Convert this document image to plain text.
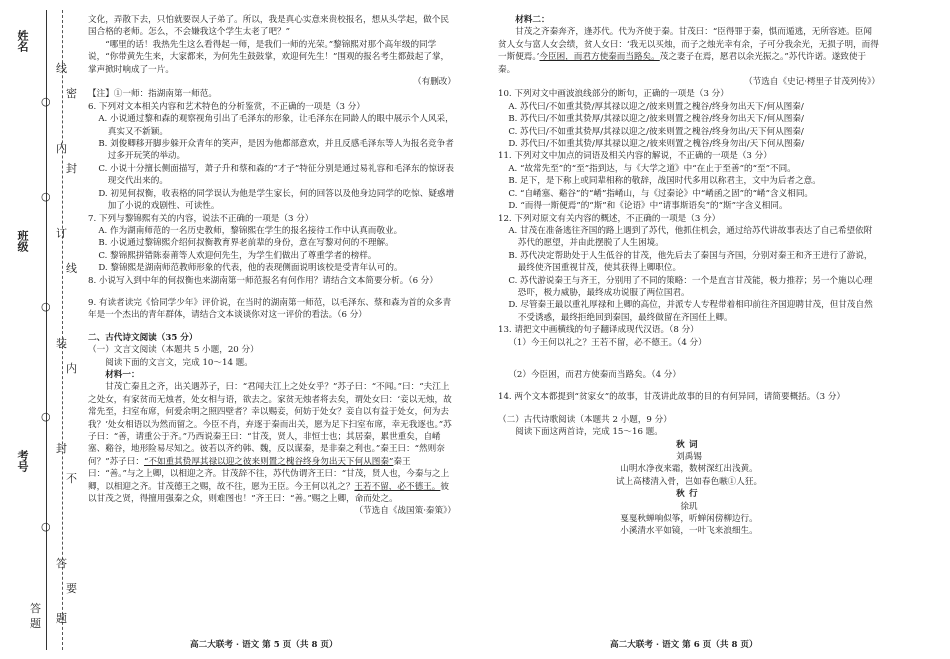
姓名
班级
考号
○
○
○
○
○
线
内
订
装
封
答
题
密
封
线
内
不
要
答
题

文化，弄散下去，只怕就要误人子弟了。所以，我是真心实意来贵校报名，想从头学起，做个民国合格的老师。怎么，不会嫌我这个学生太老了吧？”

“哪里的话！我热先生这么看得起一师，是我们一师的光荣。”黎锦熙对那个高年级的同学说，“你带黄先生来，大家都来，为何先生鼓鼓掌，欢迎何先生！”围观的报名考生都鼓起了掌，掌声掀时响成了一片。

（有删改）

【注】①一师：指湖南第一师范。

6. 下列对文本相关内容和艺术特色的分析鉴赏，不正确的一项是（3 分）

A. 小说通过黎和森的观察视角引出了毛泽东的形象，让毛泽东在同龄人的眼中展示个人风采，真实又不新颖。

B. 刘俊卿移开脚步躲开众青年的笑声，是因为他都部意欢，并且反感毛泽东等人为报名竞争者过多开玩笑的举动。

C. 小说十分擅长侧面描写，萧子升和蔡和森的“才子”特征分别是通过易礼容和毛泽东的惊讶表现交代出来的。

D. 初见何叔衡，收表格的同学误认为他是学生家长，何的回答以及他身边同学的吃惊、疑惑增加了小说的戏剧性、可读性。

7. 下列与黎锦熙有关的内容，说法不正确的一项是（3 分）

A. 作为湖南师范的一名历史教师，黎锦熙在学生的报名接待工作中认真而敬业。

B. 小说通过黎锦熙介绍何叔衡教育界老前辈的身份，意在写黎对何的不理解。

C. 黎锦熙拼错陈泰莆等人欢迎何先生，为学生们做出了尊重学者的榜样。

D. 黎锦熙是湖南师范教师形象的代表，他的表现侧面说明该校是受青年认可的。

8. 小说写入到中年的何叔衡也来湖南第一师范报名有何作用？请结合文本简要分析。（6 分）

9. 有读者读完《恰同学少年》评价说，在当时的湖南第一师范，以毛泽东、蔡和森为首的众多青年是一个杰出的青年群体，请结合文本谈谈你对这一评价的看法。（6 分）

二、古代诗文阅读（35 分）

（一）文言文阅读（本题共 5 小题，20 分）

阅读下面的文言文，完成 10～14 题。

材料一：

甘茂亡秦且之齐，出关遇苏子，曰：“君闻夫江上之处女乎？”苏子曰：“不闻。”曰：“夫江上之处女，有家贫而无烛者，处女相与语，欲去之。家贫无烛者将去矣，谓处女曰：‘妾以无烛，故常先至，扫室布席，何爱余明之照四壁者？幸以赐妾，何妨于处女？妾自以有益于处女，何为去我？’处女相语以为然而留之。今臣不肖，弃逐于秦而出关，愿为足下扫室布席，幸无我逐也。”苏子曰：“善，请重公于齐。”乃西说秦王曰：“甘茂，贤人，非恒士也；其居秦，累世重矣，自崤塞、谿谷，地形险易尽知之。彼若以齐约韩、魏，反以谋秦，是非秦之利也。”秦王曰：“然则奈何？”苏子曰：“不如重其贽厚其禄以迎之彼来则置之槐谷终身勿出天下何从图秦”秦王曰：“善。”与之上卿，以相迎之齐。甘茂辞不往，苏代伪谓齐王曰：“甘茂，贤人也，今秦与之上卿，以相迎之齐。甘茂德王之赐，故不往，愿为王臣。今王何以礼之？王若不留，必不德王。彼以甘茂之贤，得擅用强秦之众，则难图也！”齐王曰：“善。”赐之上卿，命而处之。

（节选自《战国策·秦策》）

材料二：

甘茂之齐秦奔齐，逢苏代。代为齐使于秦。甘茂曰：“臣得罪于秦，惧而遁逃，无所容迹。臣闻贫人女与富人女会绩，贫人女曰：‘我无以买烛，而子之烛光幸有余，子可分我余光，无损子明，而得一斯便焉。’今臣困，而君方使秦而当路矣。茂之妻子在焉，愿君以余光振之。”苏代许诺。遂致使于秦。

（节选自《史记·樗里子甘茂列传》）

10. 下列对文中画波浪线部分的断句，正确的一项是（3 分）

A. 苏代曰/不如重其贽/厚其禄以迎之/彼来则置之槐谷/终身勿出天下/何从图秦/

B. 苏代曰/不如重其贽厚/其禄以迎之/彼来则置之槐谷/终身勿出天下/何从图秦/

C. 苏代曰/不如重其贽厚/其禄以迎之/彼来则置之槐谷/终身勿出/天下何从图秦/

D. 苏代曰/不如重其贽/厚其禄以迎之/彼来则置之槐谷/终身勿出/天下何从图秦/

11. 下列对文中加点的词语及相关内容的解说，不正确的一项是（3 分）

A. “故常先至”的“至”指到达，与《大学之道》中“在止于至善”的“至”不同。

B. 足下，是下称上或同辈相称的敬辞，战国时代多用以称君主，文中为后者之意。

C. “自崤塞、谿谷”的“崤”指崤山，与《过秦论》中“崤函之固”的“崤”含义相同。

D. “而得一斯便焉”的“斯”和《论语》中“请事斯语矣”的“斯”字含义相同。

12. 下列对原文有关内容的概述，不正确的一项是（3 分）

A. 甘茂在准备逃往齐国的路上遇到了苏代，他抓住机会，通过给苏代讲故事表达了自己希望依附苏代的愿望，并由此摆脱了人生困境。

B. 苏代决定帮助处于人生低谷的甘茂，他先后去了秦国与齐国，分别对秦王和齐王进行了游说，最终使齐国重视甘茂，使其获得上卿职位。

C. 苏代游说秦王与齐王，分别用了不同的策略：一个是直言甘茂能，极力推荐；另一个施以心理恐吓，极力威胁，最终成功说服了两位国君。

D. 尽管秦王最以重礼厚禄和上卿的高位，并派专人专程带着相印前往齐国迎聘甘茂，但甘茂自然不受诱惑，最终拒绝回到秦国，最终做留在齐国任上卿。

13. 请把文中画横线的句子翻译成现代汉语。（8 分）

（1）今王何以礼之？王若不留，必不德王。（4 分）

（2）今臣困，而君方使秦而当路矣。（4 分）

14. 两个文本都提到“贫家女”的故事，甘茂讲此故事的目的有何异同，请简要概括。（3 分）

（二）古代诗歌阅读（本题共 2 小题，9 分）

阅读下面这两首诗，完成 15～16 题。

秋词

刘禹锡

山明水净夜来霜，数树深红出浅黄。

试上高楼清入骨，岂如春色嗾①人狂。

秋行

徐玑

戛戛秋蝉响似筝，听蝉闲傍柳边行。

小溪清水平如镜，一叶飞来浪细生。

高二大联考 · 语文 第 5 页（共 8 页）	高二大联考 · 语文 第 6 页（共 8 页）
